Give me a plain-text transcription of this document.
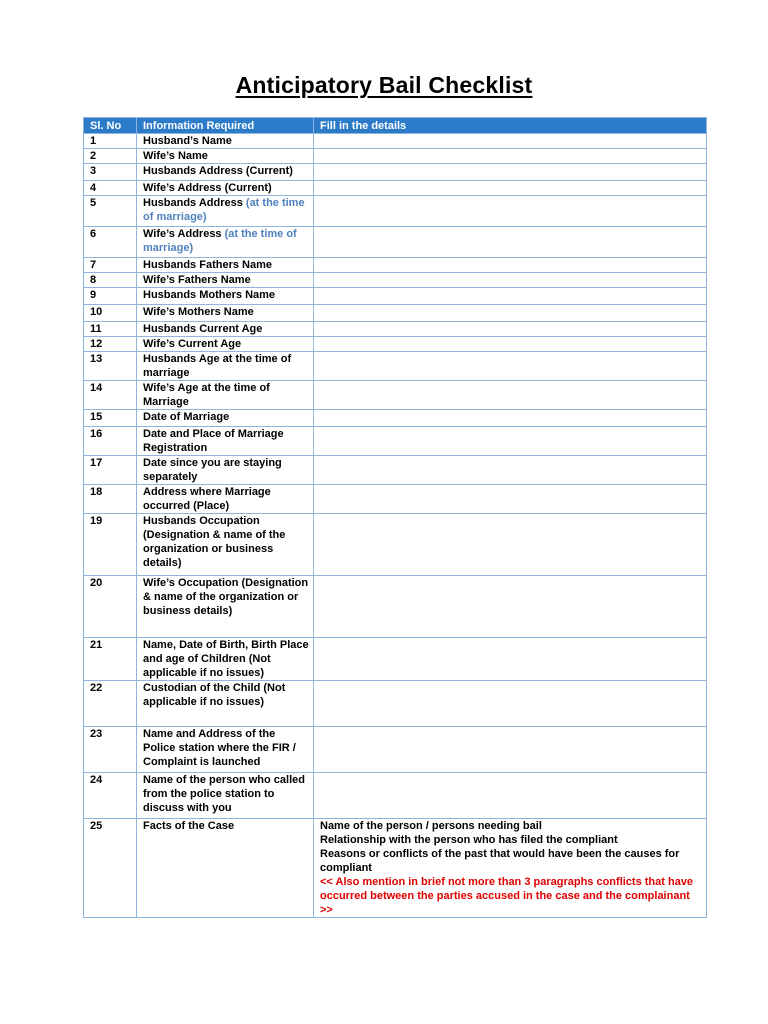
Anticipatory Bail Checklist
Sl. No	Information Required	Fill in the details
1	Husband’s Name	
2	Wife’s Name	
3	Husbands Address (Current)	
4	Wife’s Address (Current)	
5	Husbands Address (at the time of marriage)	
6	Wife’s Address (at the time of marriage)	
7	Husbands Fathers Name	
8	Wife’s Fathers Name	
9	Husbands Mothers Name	
10	Wife’s Mothers Name	
11	Husbands Current Age	
12	Wife’s Current Age	
13	Husbands Age at the time of marriage	
14	Wife’s Age at the time of Marriage	
15	Date of Marriage	
16	Date and Place of Marriage Registration	
17	Date since you are staying separately	
18	Address where Marriage occurred (Place)	
19	Husbands Occupation (Designation & name of the organization or business details)	
20	Wife’s Occupation (Designation & name of the organization or business details)	
21	Name, Date of Birth, Birth Place and age of Children (Not applicable if no issues)	
22	Custodian of the Child (Not applicable if no issues)	
23	Name and Address of the Police station where the FIR / Complaint is launched	
24	Name of the person who called from the police station to discuss with you	
25	Facts of the Case	Name of the person / persons needing bail
Relationship with the person who has filed the compliant
Reasons or conflicts of the past that would have been the causes for compliant
<< Also mention in brief not more than 3 paragraphs conflicts that have occurred between the parties accused in the case and the complainant >>
